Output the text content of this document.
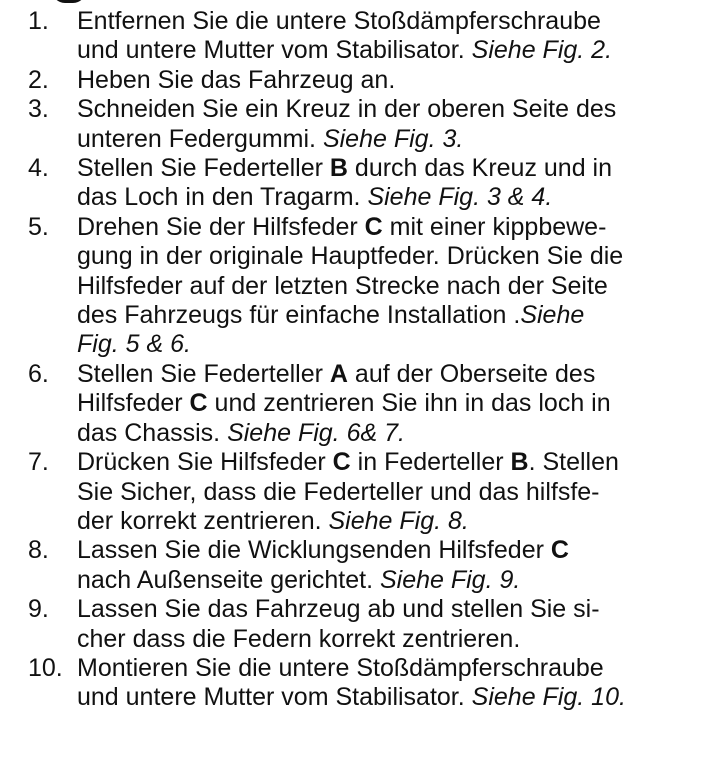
1.	Entfernen Sie die untere Stoßdämpferschraube
und untere Mutter vom Stabilisator. Siehe Fig. 2.
2.	Heben Sie das Fahrzeug an.
3.	Schneiden Sie ein Kreuz in der oberen Seite des
unteren Federgummi. Siehe Fig. 3.
4.	Stellen Sie Federteller B durch das Kreuz und in
das Loch in den Tragarm. Siehe Fig. 3 & 4.
5.	Drehen Sie der Hilfsfeder C mit einer kippbewe-
gung in der originale Hauptfeder. Drücken Sie die
Hilfsfeder auf der letzten Strecke nach der Seite
des Fahrzeugs für einfache Installation .Siehe
Fig. 5 & 6.
6.	Stellen Sie Federteller A auf der Oberseite des
Hilfsfeder C und zentrieren Sie ihn in das loch in
das Chassis. Siehe Fig. 6& 7.
7.	Drücken Sie Hilfsfeder C in Federteller B. Stellen
Sie Sicher, dass die Federteller und das hilfsfe-
der korrekt zentrieren. Siehe Fig. 8.
8.	Lassen Sie die Wicklungsenden Hilfsfeder C
nach Außenseite gerichtet. Siehe Fig. 9.
9.	Lassen Sie das Fahrzeug ab und stellen Sie si-
cher dass die Federn korrekt zentrieren.
10. Montieren Sie die untere Stoßdämpferschraube
und untere Mutter vom Stabilisator. Siehe Fig. 10.
